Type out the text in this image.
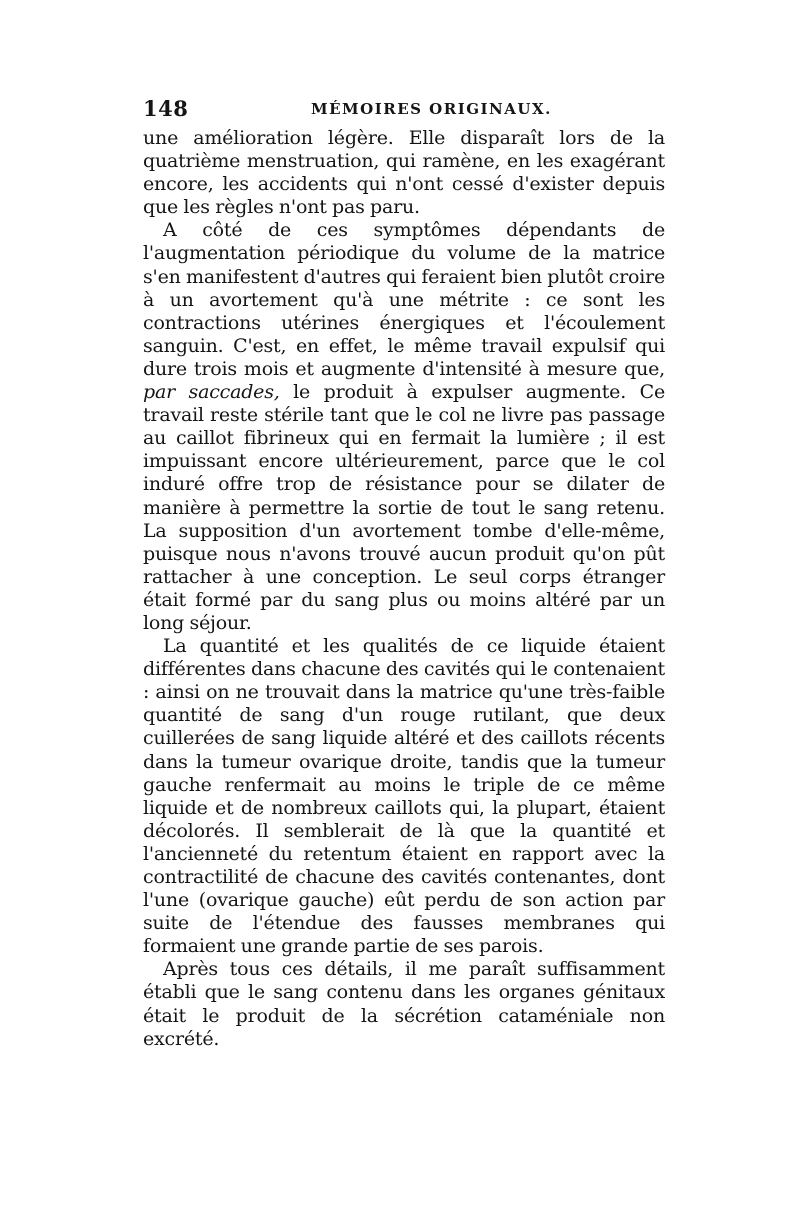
148	MÉMOIRES ORIGINAUX.

une amélioration légère. Elle disparaît lors de la quatrième menstruation, qui ramène, en les exagérant encore, les accidents qui n'ont cessé d'exister depuis que les règles n'ont pas paru.

A côté de ces symptômes dépendants de l'augmentation périodique du volume de la matrice s'en manifestent d'autres qui feraient bien plutôt croire à un avortement qu'à une métrite : ce sont les contractions utérines énergiques et l'écoulement sanguin. C'est, en effet, le même travail expulsif qui dure trois mois et augmente d'intensité à mesure que, par saccades, le produit à expulser augmente. Ce travail reste stérile tant que le col ne livre pas passage au caillot fibrineux qui en fermait la lumière ; il est impuissant encore ultérieurement, parce que le col induré offre trop de résistance pour se dilater de manière à permettre la sortie de tout le sang retenu. La supposition d'un avortement tombe d'elle-même, puisque nous n'avons trouvé aucun produit qu'on pût rattacher à une conception. Le seul corps étranger était formé par du sang plus ou moins altéré par un long séjour.

La quantité et les qualités de ce liquide étaient différentes dans chacune des cavités qui le contenaient : ainsi on ne trouvait dans la matrice qu'une très-faible quantité de sang d'un rouge rutilant, que deux cuillerées de sang liquide altéré et des caillots récents dans la tumeur ovarique droite, tandis que la tumeur gauche renfermait au moins le triple de ce même liquide et de nombreux caillots qui, la plupart, étaient décolorés. Il semblerait de là que la quantité et l'ancienneté du retentum étaient en rapport avec la contractilité de chacune des cavités contenantes, dont l'une (ovarique gauche) eût perdu de son action par suite de l'étendue des fausses membranes qui formaient une grande partie de ses parois.

Après tous ces détails, il me paraît suffisamment établi que le sang contenu dans les organes génitaux était le produit de la sécrétion cataméniale non excrété.
